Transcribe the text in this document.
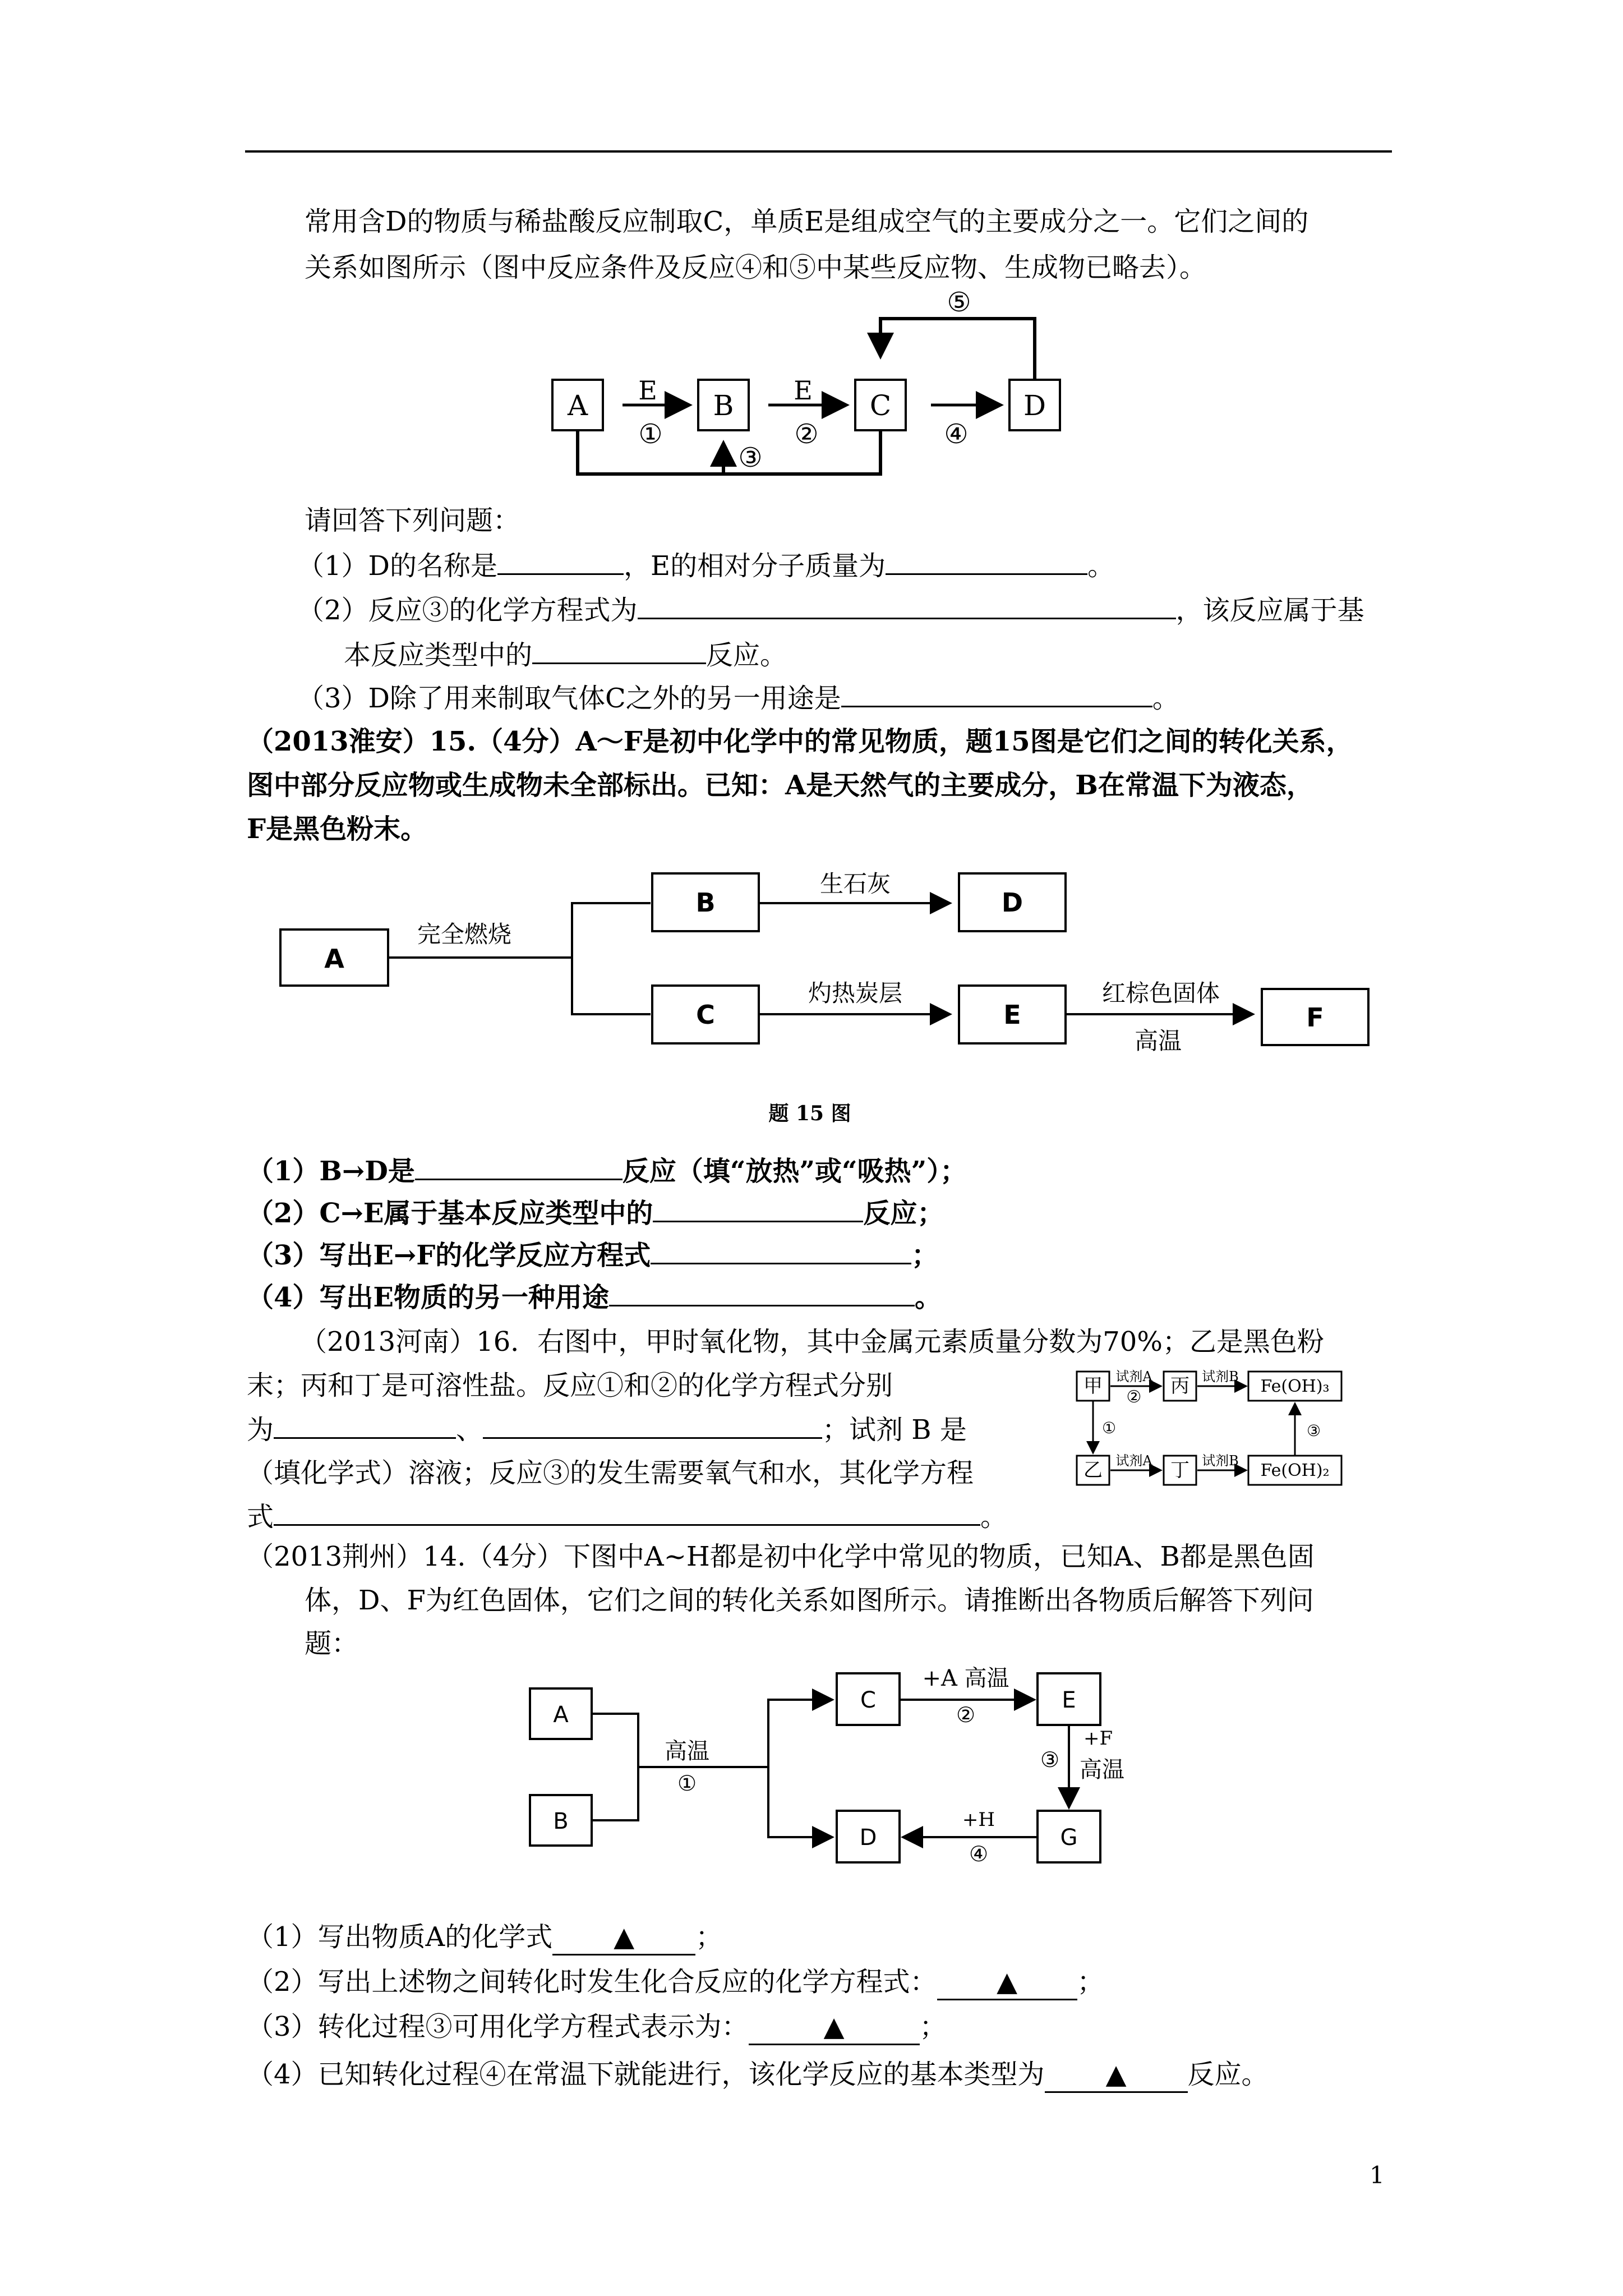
常用含D的物质与稀盐酸反应制取C，单质E是组成空气的主要成分之一。它们之间的
关系如图所示（图中反应条件及反应④和⑤中某些反应物、生成物已略去）。
A	B	C	D
E
①
E
②	④
③
⑤
A
完全燃烧
B
C
生石灰
灼热炭层
D
E
红棕色固体
高温
F
题 15 图
甲 试剂A
② 丙 试剂B Fe(OH)₃
①
乙 试剂A 丁 试剂B Fe(OH)₂
③
A
B
高温
①
C
+A 高温
②
E
+F
③ 高温
G
+H
④
D
请回答下列问题：
（1）D的名称是	，E的相对分子质量为	。
（2）反应③的化学方程式为	，该反应属于基
本反应类型中的	反应。
（3）D除了用来制取气体C之外的另一用途是	。
（2013淮安）15.（4分）A～F是初中化学中的常见物质，题15图是它们之间的转化关系，
图中部分反应物或生成物未全部标出。已知：A是天然气的主要成分，B在常温下为液态，
F是黑色粉末。
（1）B→D是	反应（填“放热”或“吸热”）；
（2）C→E属于基本反应类型中的	反应；
（3）写出E→F的化学反应方程式	；
（4）写出E物质的另一种用途	。
（2013河南）16．右图中，甲时氧化物，其中金属元素质量分数为70%；乙是黑色粉
末；丙和丁是可溶性盐。反应①和②的化学方程式分别
为	、	；试剂 B 是
（填化学式）溶液；反应③的发生需要氧气和水，其化学方程
式	。
（2013荆州）14.（4分）下图中A~H都是初中化学中常见的物质，已知A、B都是黑色固
体，D、F为红色固体，它们之间的转化关系如图所示。请推断出各物质后解答下列问
题：
（1）写出物质A的化学式 ▲ ；
（2）写出上述物之间转化时发生化合反应的化学方程式： ▲ ；
（3）转化过程③可用化学方程式表示为：	▲	；
（4）已知转化过程④在常温下就能进行，该化学反应的基本类型为 ▲ 反应。
1
